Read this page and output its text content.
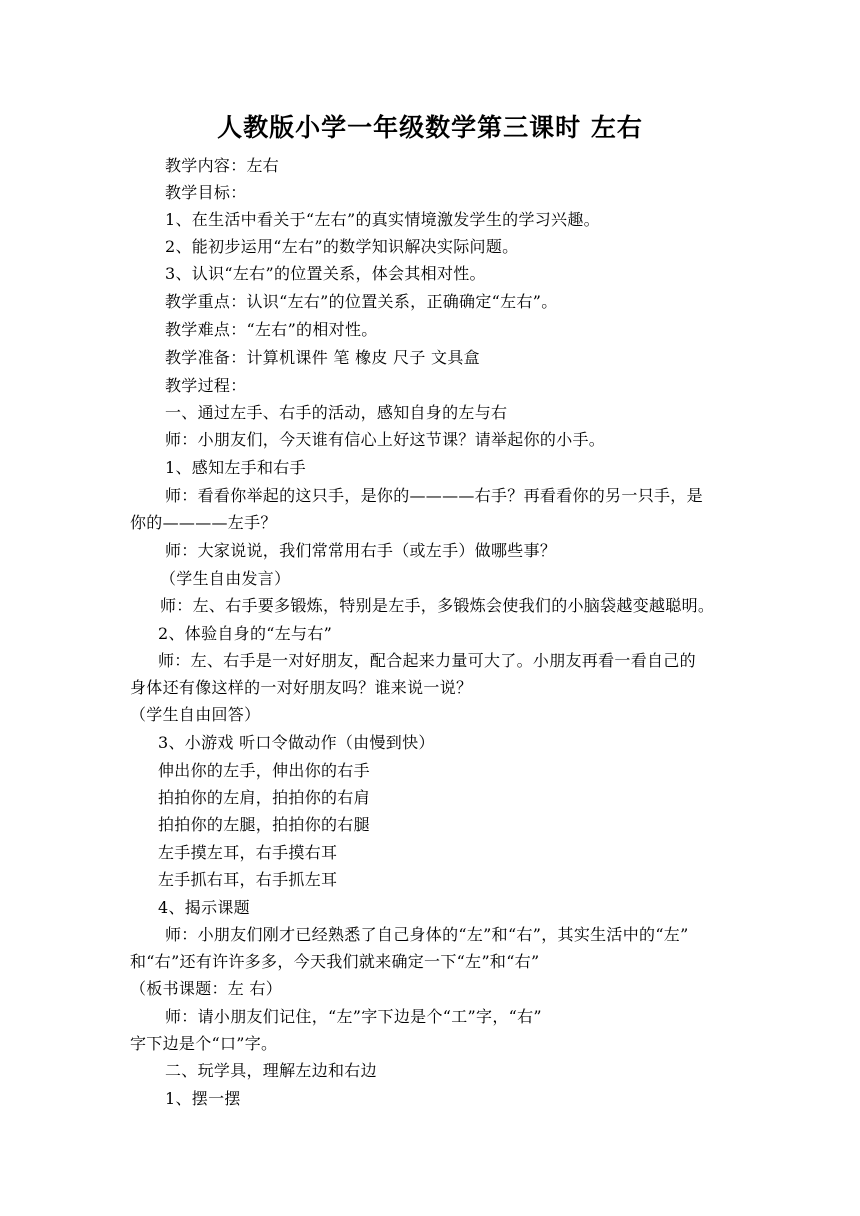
人教版小学一年级数学第三课时 左右
教学内容：左右
教学目标：
1、在生活中看关于“左右”的真实情境激发学生的学习兴趣。
2、能初步运用“左右”的数学知识解决实际问题。
3、认识“左右”的位置关系，体会其相对性。
教学重点：认识“左右”的位置关系，正确确定“左右”。
教学难点：“左右”的相对性。
教学准备：计算机课件 笔 橡皮 尺子 文具盒
教学过程：
一、通过左手、右手的活动，感知自身的左与右
师：小朋友们，今天谁有信心上好这节课？请举起你的小手。
1、感知左手和右手
师：看看你举起的这只手，是你的————右手？再看看你的另一只手，是
你的————左手？
师：大家说说，我们常常用右手（或左手）做哪些事？
（学生自由发言）
师：左、右手要多锻炼，特别是左手，多锻炼会使我们的小脑袋越变越聪明。
2、体验自身的“左与右”
师：左、右手是一对好朋友，配合起来力量可大了。小朋友再看一看自己的
身体还有像这样的一对好朋友吗？谁来说一说？
（学生自由回答）
3、小游戏 听口令做动作（由慢到快）
伸出你的左手，伸出你的右手
拍拍你的左肩，拍拍你的右肩
拍拍你的左腿，拍拍你的右腿
左手摸左耳，右手摸右耳
左手抓右耳，右手抓左耳
4、揭示课题
师：小朋友们刚才已经熟悉了自己身体的“左”和“右”，其实生活中的“左”
和“右”还有许许多多，今天我们就来确定一下“左”和“右”
（板书课题：左 右）
师：请小朋友们记住，“左”字下边是个“工”字，“右”
字下边是个“口”字。
二、玩学具，理解左边和右边
1、摆一摆
